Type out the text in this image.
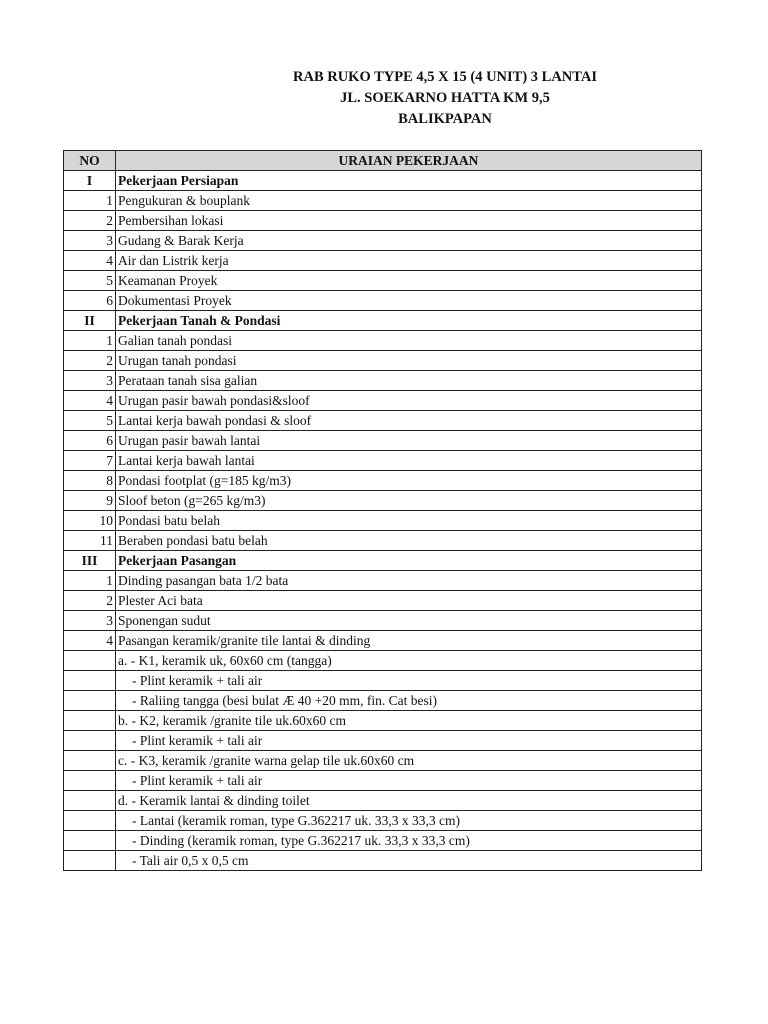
RAB RUKO TYPE 4,5 X 15 (4 UNIT) 3 LANTAI
JL. SOEKARNO HATTA KM 9,5
BALIKPAPAN
NO	URAIAN PEKERJAAN
I	Pekerjaan Persiapan
1	Pengukuran & bouplank
2	Pembersihan lokasi
3	Gudang & Barak Kerja
4	Air dan Listrik kerja
5	Keamanan Proyek
6	Dokumentasi Proyek
II	Pekerjaan Tanah & Pondasi
1	Galian tanah pondasi
2	Urugan tanah pondasi
3	Perataan tanah sisa galian
4	Urugan pasir bawah pondasi&sloof
5	Lantai kerja bawah pondasi & sloof
6	Urugan pasir bawah lantai
7	Lantai kerja bawah lantai
8	Pondasi footplat (g=185 kg/m3)
9	Sloof beton (g=265 kg/m3)
10	Pondasi batu belah
11	Beraben pondasi batu belah
III	Pekerjaan Pasangan
1	Dinding pasangan bata 1/2 bata
2	Plester Aci bata
3	Sponengan sudut
4	Pasangan keramik/granite tile lantai & dinding
	a. - K1, keramik uk, 60x60 cm (tangga)
	- Plint keramik + tali air
	- Raliing tangga (besi bulat Æ 40 +20 mm, fin. Cat besi)
	b. - K2, keramik /granite tile uk.60x60 cm
	- Plint keramik + tali air
	c. - K3, keramik /granite warna gelap tile uk.60x60 cm
	- Plint keramik + tali air
	d. - Keramik lantai & dinding toilet
	- Lantai (keramik roman, type G.362217 uk. 33,3 x 33,3 cm)
	- Dinding (keramik roman, type G.362217 uk. 33,3 x 33,3 cm)
	- Tali air 0,5 x 0,5 cm
